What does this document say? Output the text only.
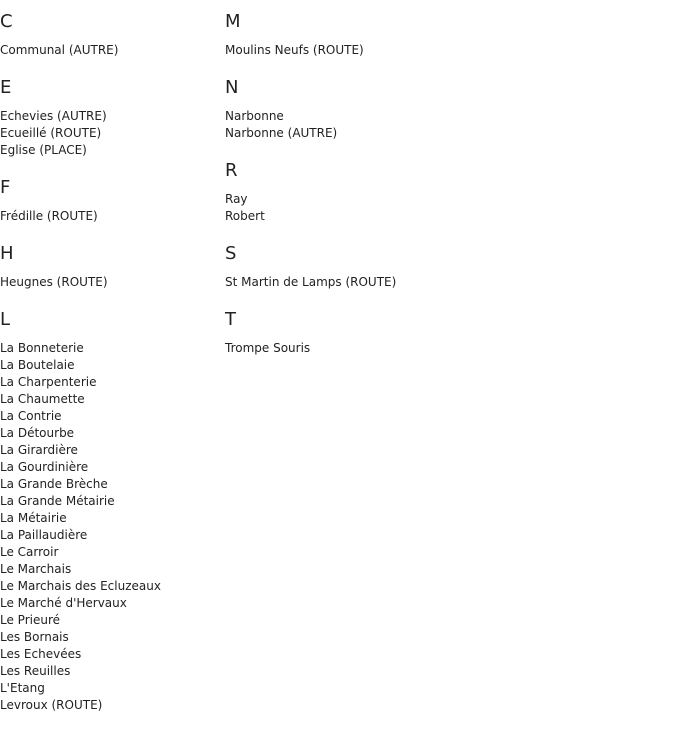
C
Communal (AUTRE)
E
Echevies (AUTRE)
Ecueillé (ROUTE)
Eglise (PLACE)
F
Frédille (ROUTE)
H
Heugnes (ROUTE)
L
La Bonneterie
La Boutelaie
La Charpenterie
La Chaumette
La Contrie
La Détourbe
La Girardière
La Gourdinière
La Grande Brèche
La Grande Métairie
La Métairie
La Paillaudière
Le Carroir
Le Marchais
Le Marchais des Ecluzeaux
Le Marché d'Hervaux
Le Prieuré
Les Bornais
Les Echevées
Les Reuilles
L'Etang
Levroux (ROUTE)
M
Moulins Neufs (ROUTE)
N
Narbonne
Narbonne (AUTRE)
R
Ray
Robert
S
St Martin de Lamps (ROUTE)
T
Trompe Souris
